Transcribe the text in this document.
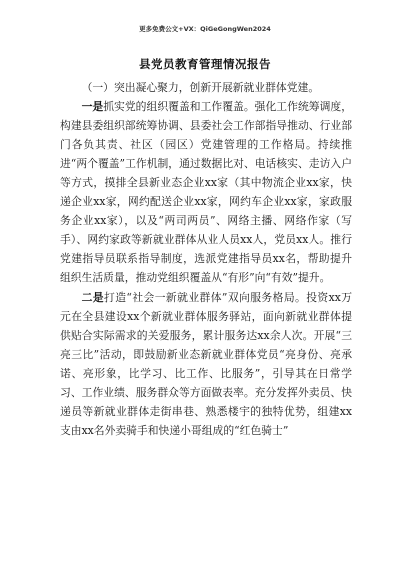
更多免费公文+VX：QiGeGongWen2024
县党员教育管理情况报告

（一）突出凝心聚力，创新开展新就业群体党建。

一是抓实党的组织覆盖和工作覆盖。强化工作统筹调度，构建县委组织部统筹协调、县委社会工作部指导推动、行业部门各负其责、社区（园区）党建管理的工作格局。持续推进“两个覆盖”工作机制，通过数据比对、电话核实、走访入户等方式，摸排全县新业态企业xx家（其中物流企业xx家，快递企业xx家，网约配送企业xx家，网约车企业xx家，家政服务企业xx家），以及“两司两员”、网络主播、网络作家（写手）、网约家政等新就业群体从业人员xx人，党员xx人。推行党建指导员联系指导制度，选派党建指导员xx名，帮助提升组织生活质量，推动党组织覆盖从“有形”向“有效”提升。

二是打造“社会一新就业群体”双向服务格局。投资xx万元在全县建设xx个新就业群体服务驿站，面向新就业群体提供贴合实际需求的关爱服务，累计服务达xx余人次。开展“三亮三比”活动，即鼓励新业态新就业群体党员“亮身份、亮承诺、亮形象，比学习、比工作、比服务”，引导其在日常学习、工作业绩、服务群众等方面做表率。充分发挥外卖员、快递员等新就业群体走街串巷、熟悉楼宇的独特优势，组建xx支由xx名外卖骑手和快递小哥组成的“红色骑士”
